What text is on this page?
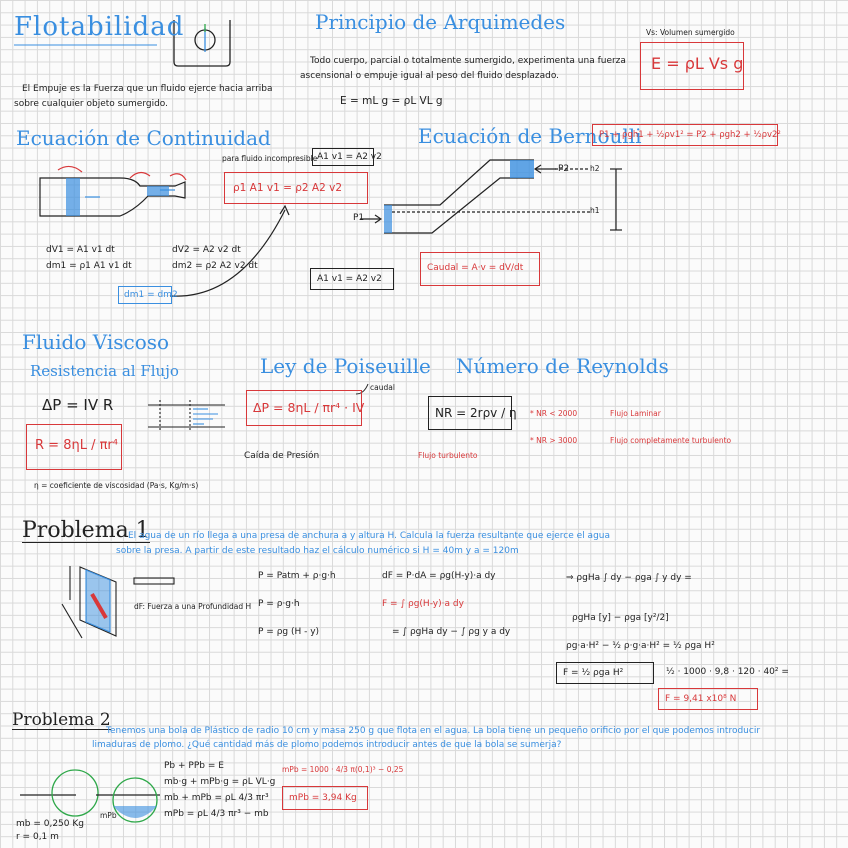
Flotabilidad
El Empuje es la Fuerza que un fluido ejerce hacia arriba
sobre cualquier objeto sumergido.
Principio de Arquimedes
Todo cuerpo, parcial o totalmente sumergido, experimenta una fuerza
ascensional o empuje igual al peso del fluido desplazado.
E = mL g = ρL VL g
Vs: Volumen sumergido
E = ρL Vs g
Ecuación de Continuidad
para fluido incompresible A1 v1 = A2 v2
ρ1 A1 v1 = ρ2 A2 v2
dV1 = A1 v1 dt
dm1 = ρ1 A1 v1 dt
dV2 = A2 v2 dt
dm2 = ρ2 A2 v2 dt
dm1 = dm2
Ecuación de Bernoulli
P1 + ρgh1 + ½ρv1² = P2 + ρgh2 + ½ρv2²
P1
P2
h1
h2
A1 v1 = A2 v2
Caudal = A·v = dV/dt
Fluido Viscoso
Resistencia al Flujo
ΔP = IV R
R = 8ηL / πr⁴
η = coeficiente de viscosidad (Pa·s, Kg/m·s)
Ley de Poiseuille
ΔP = 8ηL / πr⁴ · IV
caudal
Caída de Presión
Número de Reynolds
NR = 2rρv / η * NR < 2000	Flujo Laminar
* NR > 3000	Flujo completamente turbulento
Flujo turbulento
Problema 1
El agua de un río llega a una presa de anchura a y altura H. Calcula la fuerza resultante que ejerce el agua
sobre la presa. A partir de este resultado haz el cálculo numérico si H = 40m y a = 120m
dF: Fuerza a una Profundidad H
P = Patm + ρ·g·h
P = ρ·g·h
P = ρg (H - y)
dF = P·dA = ρg(H-y)·a dy
F = ∫ ρg(H-y)·a dy
= ∫ ρgHa dy − ∫ ρg y a dy
⇒ ρgHa ∫ dy − ρga ∫ y dy =
ρgHa [y] − ρga [y²/2]
ρg·a·H² − ½ ρ·g·a·H² = ½ ρga H²
F = ½ ρga H²	½ · 1000 · 9,8 · 120 · 40² =
F = 9,41 x10⁸ N
Problema 2
Tenemos una bola de Plástico de radio 10 cm y masa 250 g que flota en el agua. La bola tiene un pequeño orificio por el que podemos introducir
limaduras de plomo. ¿Qué cantidad más de plomo podemos introducir antes de que la bola se sumerja?
Pb + PPb = E
mb·g + mPb·g = ρL VL·g
mb + mPb = ρL 4/3 πr³
mPb = ρL 4/3 πr³ − mb
mPb = 1000 · 4/3 π(0,1)³ − 0,25
mPb = 3,94 Kg
mb = 0,250 Kg
r = 0,1 m
mPb
